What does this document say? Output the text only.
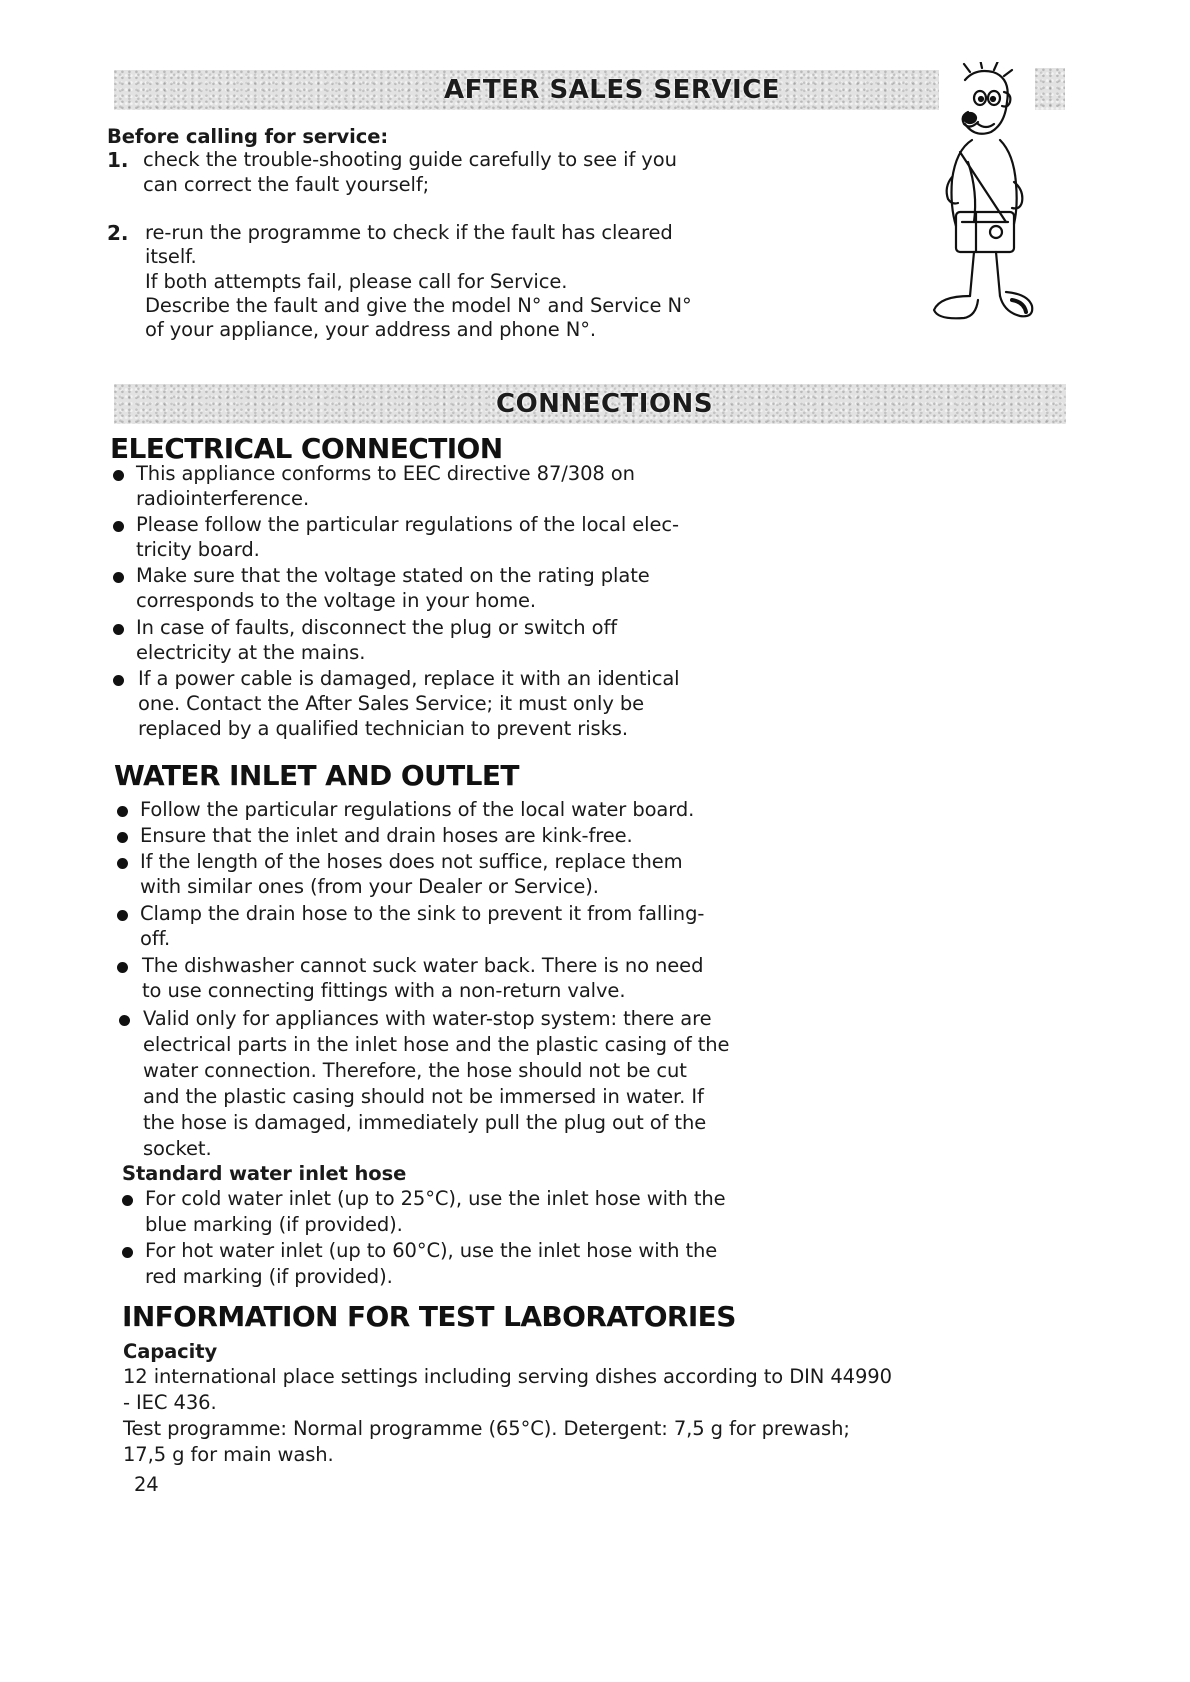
AFTER SALES SERVICE
CONNECTIONS
Before calling for service:
1. check the trouble-shooting guide carefully to see if you
can correct the fault yourself;
2. re-run the programme to check if the fault has cleared
itself.
If both attempts fail, please call for Service.
Describe the fault and give the model N° and Service N°
of your appliance, your address and phone N°.
ELECTRICAL CONNECTION
This appliance conforms to EEC directive 87/308 on
radiointerference.
Please follow the particular regulations of the local elec-
tricity board.
Make sure that the voltage stated on the rating plate
corresponds to the voltage in your home.
In case of faults, disconnect the plug or switch off
electricity at the mains.
If a power cable is damaged, replace it with an identical
one. Contact the After Sales Service; it must only be
replaced by a qualified technician to prevent risks.
WATER INLET AND OUTLET
Follow the particular regulations of the local water board.
Ensure that the inlet and drain hoses are kink-free.
If the length of the hoses does not suffice, replace them
with similar ones (from your Dealer or Service).
Clamp the drain hose to the sink to prevent it from falling-
off.
The dishwasher cannot suck water back. There is no need
to use connecting fittings with a non-return valve.
Valid only for appliances with water-stop system: there are
electrical parts in the inlet hose and the plastic casing of the
water connection. Therefore, the hose should not be cut
and the plastic casing should not be immersed in water. If
the hose is damaged, immediately pull the plug out of the
socket.
Standard water inlet hose
For cold water inlet (up to 25°C), use the inlet hose with the
blue marking (if provided).
For hot water inlet (up to 60°C), use the inlet hose with the
red marking (if provided).
INFORMATION FOR TEST LABORATORIES
Capacity
12 international place settings including serving dishes according to DIN 44990
- IEC 436.
Test programme: Normal programme (65°C). Detergent: 7,5 g for prewash;
17,5 g for main wash.
24
